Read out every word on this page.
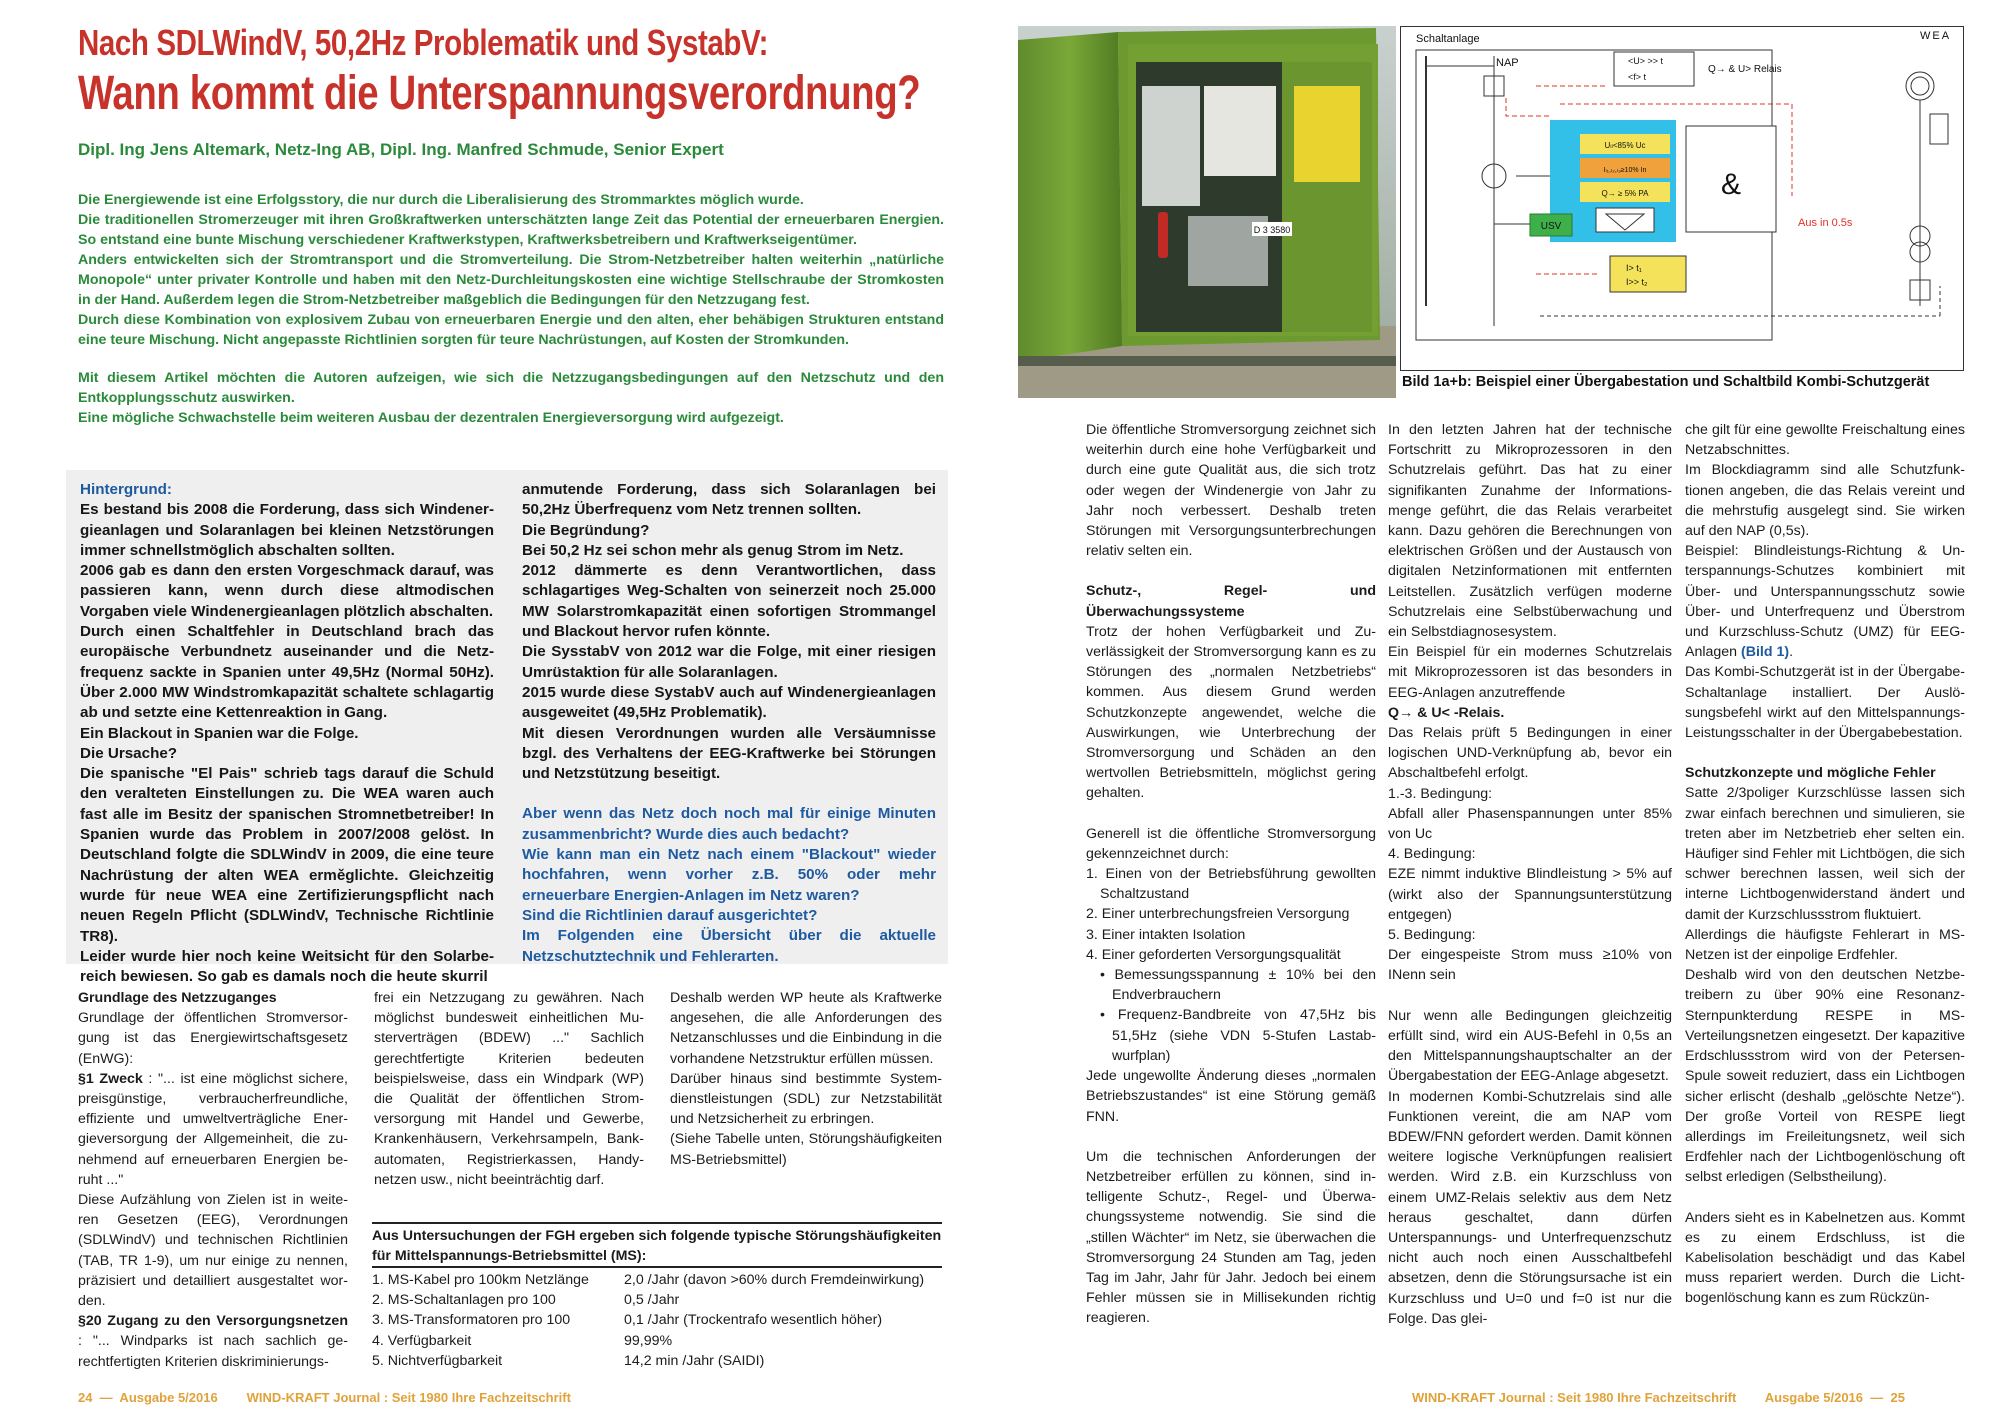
Nach SDLWindV, 50,2Hz Problematik und SystabV:
Wann kommt die Unterspannungsverordnung?
Dipl. Ing Jens Altemark, Netz-Ing AB, Dipl. Ing. Manfred Schmude, Senior Expert

Die Energiewende ist eine Erfolgsstory, die nur durch die Liberalisierung des Strommarktes möglich wurde.

Die traditionellen Stromerzeuger mit ihren Großkraftwerken unterschätzten lange Zeit das Potential der erneuerbaren Energien. So entstand eine bunte Mischung verschiedener Kraftwerkstypen, Kraftwerksbetreibern und Kraftwerkseigentümer.

Anders entwickelten sich der Stromtransport und die Stromverteilung. Die Strom-Netzbetreiber halten weiterhin „natürliche Monopole“ unter privater Kontrolle und haben mit den Netz-Durchleitungskosten eine wichtige Stellschraube der Stromkosten in der Hand. Außerdem legen die Strom-Netzbetreiber maßgeblich die Bedingungen für den Netzzugang fest.

Durch diese Kombination von explosivem Zubau von erneuerbaren Energie und den alten, eher behäbigen Strukturen entstand eine teure Mischung. Nicht angepasste Richtlinien sorgten für teure Nachrüstungen, auf Kosten der Stromkunden.

Mit diesem Artikel möchten die Autoren aufzeigen, wie sich die Netzzugangsbedingungen auf den Netzschutz und den Entkopplungsschutz auswirken.

Eine mögliche Schwachstelle beim weiteren Ausbau der dezentralen Energieversorgung wird aufgezeigt.

Hintergrund:

Es bestand bis 2008 die Forderung, dass sich Windenergieanlagen und Solaranlagen bei kleinen Netzstörungen immer schnellstmöglich abschalten sollten.

2006 gab es dann den ersten Vorgeschmack darauf, was passieren kann, wenn durch diese altmodischen Vorgaben viele Windenergieanlagen plötzlich abschalten.

Durch einen Schaltfehler in Deutschland brach das europäische Verbundnetz auseinander und die Netzfrequenz sackte in Spanien unter 49,5Hz (Normal 50Hz). Über 2.000 MW Windstromkapazität schaltete schlagartig ab und setzte eine Kettenreaktion in Gang.

Ein Blackout in Spanien war die Folge.

Die Ursache?

Die spanische "El Pais" schrieb tags darauf die Schuld den veralteten Einstellungen zu. Die WEA waren auch fast alle im Besitz der spanischen Stromnetbetreiber! In Spanien wurde das Problem in 2007/2008 gelöst. In Deutschland folgte die SDLWindV in 2009, die eine teure Nachrüstung der alten WEA erměglichte. Gleichzeitig wurde für neue WEA eine Zertifizierungspflicht nach neuen Regeln Pflicht (SDLWindV, Technische Richtlinie TR8).

Leider wurde hier noch keine Weitsicht für den Solarbereich bewiesen. So gab es damals noch die heute skurril

anmutende Forderung, dass sich Solaranlagen bei 50,2Hz Überfrequenz vom Netz trennen sollten.

Die Begründung?

Bei 50,2 Hz sei schon mehr als genug Strom im Netz.

2012 dämmerte es denn Verantwortlichen, dass schlagartiges Weg-Schalten von seinerzeit noch 25.000 MW Solarstromkapazität einen sofortigen Strommangel und Blackout hervor rufen könnte.

Die SysstabV von 2012 war die Folge, mit einer riesigen Umrüstaktion für alle Solaranlagen.

2015 wurde diese SystabV auch auf Windenergieanlagen ausgeweitet (49,5Hz Problematik).

Mit diesen Verordnungen wurden alle Versäumnisse bzgl. des Verhaltens der EEG-Kraftwerke bei Störungen und Netzstützung beseitigt.

Aber wenn das Netz doch noch mal für einige Minuten zusammenbricht? Wurde dies auch bedacht?

Wie kann man ein Netz nach einem "Blackout" wieder hochfahren, wenn vorher z.B. 50% oder mehr erneuerbare Energien-Anlagen im Netz waren?

Sind die Richtlinien darauf ausgerichtet?

Im Folgenden eine Übersicht über die aktuelle Netzschutztechnik und Fehlerarten.

Grundlage des Netzzuganges

Grundlage der öffentlichen Stromversorgung ist das Energiewirtschaftsgesetz (EnWG):

§1 Zweck : "... ist eine möglichst sichere, preisgünstige, verbraucherfreundliche, effiziente und umweltverträgliche Energieversorgung der Allgemeinheit, die zunehmend auf erneuerbaren Energien beruht ..."

Diese Aufzählung von Zielen ist in weiteren Gesetzen (EEG), Verordnungen (SDLWindV) und technischen Richtlinien (TAB, TR 1-9), um nur einige zu nennen, präzisiert und detailliert ausgestaltet worden.

§20 Zugang zu den Versorgungsnetzen : "... Windparks ist nach sachlich gerechtfertigten Kriterien diskriminierungs-

frei ein Netzzugang zu gewähren. Nach möglichst bundesweit einheitlichen Musterverträgen (BDEW) ..." Sachlich gerechtfertigte Kriterien bedeuten beispielsweise, dass ein Windpark (WP) die Qualität der öffentlichen Stromversorgung mit Handel und Gewerbe, Krankenhäusern, Verkehrsampeln, Bankautomaten, Registrierkassen, Handynetzen usw., nicht beeinträchtig darf.

Deshalb werden WP heute als Kraftwerke angesehen, die alle Anforderungen des Netzanschlusses und die Einbindung in die vorhandene Netzstruktur erfüllen müssen.

Darüber hinaus sind bestimmte Systemdienstleistungen (SDL) zur Netzstabilität und Netzsicherheit zu erbringen.

(Siehe Tabelle unten, Störungshäufigkeiten MS-Betriebsmittel)

Aus Untersuchungen der FGH ergeben sich folgende typische Störungshäufigkeiten für Mittelspannungs-Betriebsmittel (MS):
1. MS-Kabel pro 100km Netzlänge	2,0 /Jahr (davon >60% durch Fremdeinwirkung)
2. MS-Schaltanlagen pro 100	0,5 /Jahr
3. MS-Transformatoren pro 100	0,1 /Jahr (Trockentrafo wesentlich höher)
4. Verfügbarkeit	99,99%
5. Nichtverfügbarkeit	14,2 min /Jahr (SAIDI)
24  —  Ausgabe 5/2016        WIND-KRAFT Journal : Seit 1980 Ihre Fachzeitschrift
D 3 3580
Schaltanlage	WEA
NAP	<U> >> t
<f> t
Q→ & U> Relais
Uₗₗ<85% Uc
Iₗ₁,ₗ₂,ₗ₃≥10% In
Q→ ≥ 5% PA &
Aus in 0.5s
USV
I> t₁
I>> t₂
Bild 1a+b: Beispiel einer Übergabestation und Schaltbild Kombi-Schutzgerät

Die öffentliche Stromversorgung zeichnet sich weiterhin durch eine hohe Verfügbarkeit und durch eine gute Qualität aus, die sich trotz oder wegen der Windenergie von Jahr zu Jahr noch verbessert. Deshalb treten Störungen mit Versorgungsunterbrechungen relativ selten ein.

Schutz-, Regel- und Überwachungssysteme

Trotz der hohen Verfügbarkeit und Zuverlässigkeit der Stromversorgung kann es zu Störungen des „normalen Netzbetriebs“ kommen. Aus diesem Grund werden Schutzkonzepte angewendet, welche die Auswirkungen, wie Unterbrechung der Stromversorgung und Schäden an den wertvollen Betriebsmitteln, möglichst gering gehalten.

Generell ist die öffentliche Stromversorgung gekennzeichnet durch:

1. Einen von der Betriebsführung gewollten Schaltzustand

2. Einer unterbrechungsfreien Versorgung

3. Einer intakten Isolation

4. Einer geforderten Versorgungsqualität

• Bemessungsspannung ± 10% bei den Endverbrauchern

• Frequenz-Bandbreite von 47,5Hz bis 51,5Hz (siehe VDN 5-Stufen Lastabwurfplan)

Jede ungewollte Änderung dieses „normalen Betriebszustandes“ ist eine Störung gemäß FNN.

Um die technischen Anforderungen der Netzbetreiber erfüllen zu können, sind intelligente Schutz-, Regel- und Überwachungssysteme notwendig. Sie sind die „stillen Wächter“ im Netz, sie überwachen die Stromversorgung 24 Stunden am Tag, jeden Tag im Jahr, Jahr für Jahr. Jedoch bei einem Fehler müssen sie in Millisekunden richtig reagieren.

In den letzten Jahren hat der technische Fortschritt zu Mikroprozessoren in den Schutzrelais geführt. Das hat zu einer signifikanten Zunahme der Informationsmenge geführt, die das Relais verarbeitet kann. Dazu gehören die Berechnungen von elektrischen Größen und der Austausch von digitalen Netzinformationen mit entfernten Leitstellen. Zusätzlich verfügen moderne Schutzrelais eine Selbstüberwachung und ein Selbstdiagnosesystem.

Ein Beispiel für ein modernes Schutzrelais mit Mikroprozessoren ist das besonders in EEG-Anlagen anzutreffende

Q→ & U< -Relais.

Das Relais prüft 5 Bedingungen in einer logischen UND-Verknüpfung ab, bevor ein Abschaltbefehl erfolgt.

1.-3. Bedingung:

Abfall aller Phasenspannungen unter 85% von Uc

4. Bedingung:

EZE nimmt induktive Blindleistung > 5% auf (wirkt also der Spannungsunterstützung entgegen)

5. Bedingung:

Der eingespeiste Strom muss ≥10% von INenn sein

Nur wenn alle Bedingungen gleichzeitig erfüllt sind, wird ein AUS-Befehl in 0,5s an den Mittelspannungshauptschalter an der Übergabestation der EEG-Anlage abgesetzt.

In modernen Kombi-Schutzrelais sind alle Funktionen vereint, die am NAP vom BDEW/FNN gefordert werden. Damit können weitere logische Verknüpfungen realisiert werden. Wird z.B. ein Kurzschluss von einem UMZ-Relais selektiv aus dem Netz heraus geschaltet, dann dürfen Unterspannungs- und Unterfrequenzschutz nicht auch noch einen Ausschaltbefehl absetzen, denn die Störungsursache ist ein Kurzschluss und U=0 und f=0 ist nur die Folge. Das glei-

che gilt für eine gewollte Freischaltung eines Netzabschnittes.

Im Blockdiagramm sind alle Schutzfunktionen angeben, die das Relais vereint und die mehrstufig ausgelegt sind. Sie wirken auf den NAP (0,5s).

Beispiel: Blindleistungs-Richtung & Unterspannungs-Schutzes kombiniert mit Über- und Unterspannungsschutz sowie Über- und Unterfrequenz und Überstrom und Kurzschluss-Schutz (UMZ) für EEG-Anlagen (Bild 1).

Das Kombi-Schutzgerät ist in der Übergabe-Schaltanlage installiert. Der Auslösungsbefehl wirkt auf den Mittelspannungs-Leistungsschalter in der Übergabebestation.

Schutzkonzepte und mögliche Fehler

Satte 2/3poliger Kurzschlüsse lassen sich zwar einfach berechnen und simulieren, sie treten aber im Netzbetrieb eher selten ein. Häufiger sind Fehler mit Lichtbögen, die sich schwer berechnen lassen, weil sich der interne Lichtbogenwiderstand ändert und damit der Kurzschlussstrom fluktuiert.

Allerdings die häufigste Fehlerart in MS-Netzen ist der einpolige Erdfehler.

Deshalb wird von den deutschen Netzbetreibern zu über 90% eine Resonanz-Sternpunkterdung RESPE in MS-Verteilungsnetzen eingesetzt. Der kapazitive Erdschlussstrom wird von der Petersen-Spule soweit reduziert, dass ein Lichtbogen sicher erlischt (deshalb „gelöschte Netze“). Der große Vorteil von RESPE liegt allerdings im Freileitungsnetz, weil sich Erdfehler nach der Lichtbogenlöschung oft selbst erledigen (Selbstheilung).

Anders sieht es in Kabelnetzen aus. Kommt es zu einem Erdschluss, ist die Kabelisolation beschädigt und das Kabel muss repariert werden. Durch die Lichtbogenlöschung kann es zum Rückzün-

WIND-KRAFT Journal : Seit 1980 Ihre Fachzeitschrift        Ausgabe 5/2016  —  25
